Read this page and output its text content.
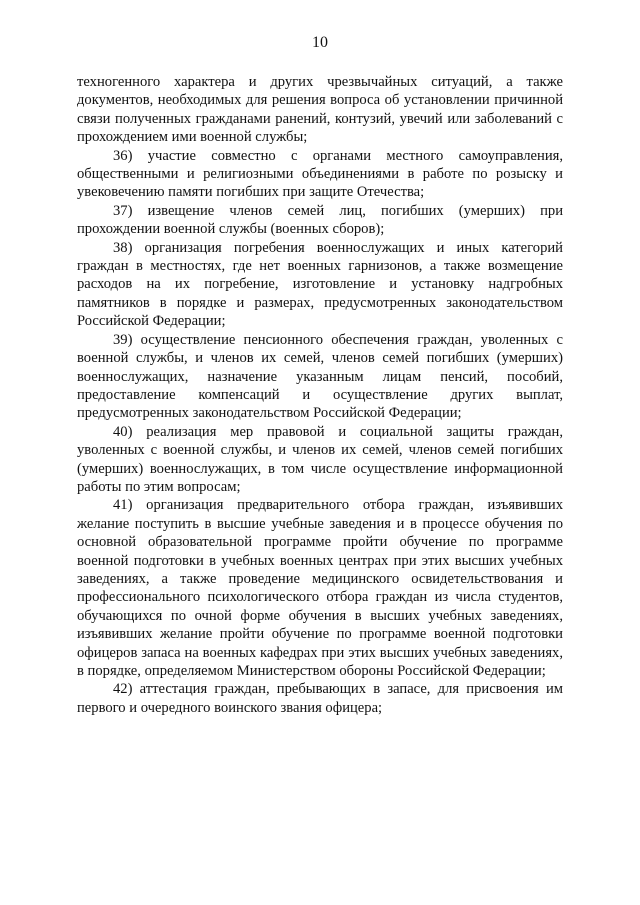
10

техногенного характера и других чрезвычайных ситуаций, а также документов, необходимых для решения вопроса об установлении причинной связи полученных гражданами ранений, контузий, увечий или заболеваний с прохождением ими военной службы;

36) участие совместно с органами местного самоуправления, общественными и религиозными объединениями в работе по розыску и увековечению памяти погибших при защите Отечества;

37) извещение членов семей лиц, погибших (умерших) при прохождении военной службы (военных сборов);

38) организация погребения военнослужащих и иных категорий граждан в местностях, где нет военных гарнизонов, а также возмещение расходов на их погребение, изготовление и установку надгробных памятников в порядке и размерах, предусмотренных законодательством Российской Федерации;

39) осуществление пенсионного обеспечения граждан, уволенных с военной службы, и членов их семей, членов семей погибших (умерших) военнослужащих, назначение указанным лицам пенсий, пособий, предоставление компенсаций и осуществление других выплат, предусмотренных законодательством Российской Федерации;

40) реализация мер правовой и социальной защиты граждан, уволенных с военной службы, и членов их семей, членов семей погибших (умерших) военнослужащих, в том числе осуществление информационной работы по этим вопросам;

41) организация предварительного отбора граждан, изъявивших желание поступить в высшие учебные заведения и в процессе обучения по основной образовательной программе пройти обучение по программе военной подготовки в учебных военных центрах при этих высших учебных заведениях, а также проведение медицинского освидетельствования и профессионального психологического отбора граждан из числа студентов, обучающихся по очной форме обучения в высших учебных заведениях, изъявивших желание пройти обучение по программе военной подготовки офицеров запаса на военных кафедрах при этих высших учебных заведениях, в порядке, определяемом Министерством обороны Российской Федерации;

42) аттестация граждан, пребывающих в запасе, для присвоения им первого и очередного воинского звания офицера;
